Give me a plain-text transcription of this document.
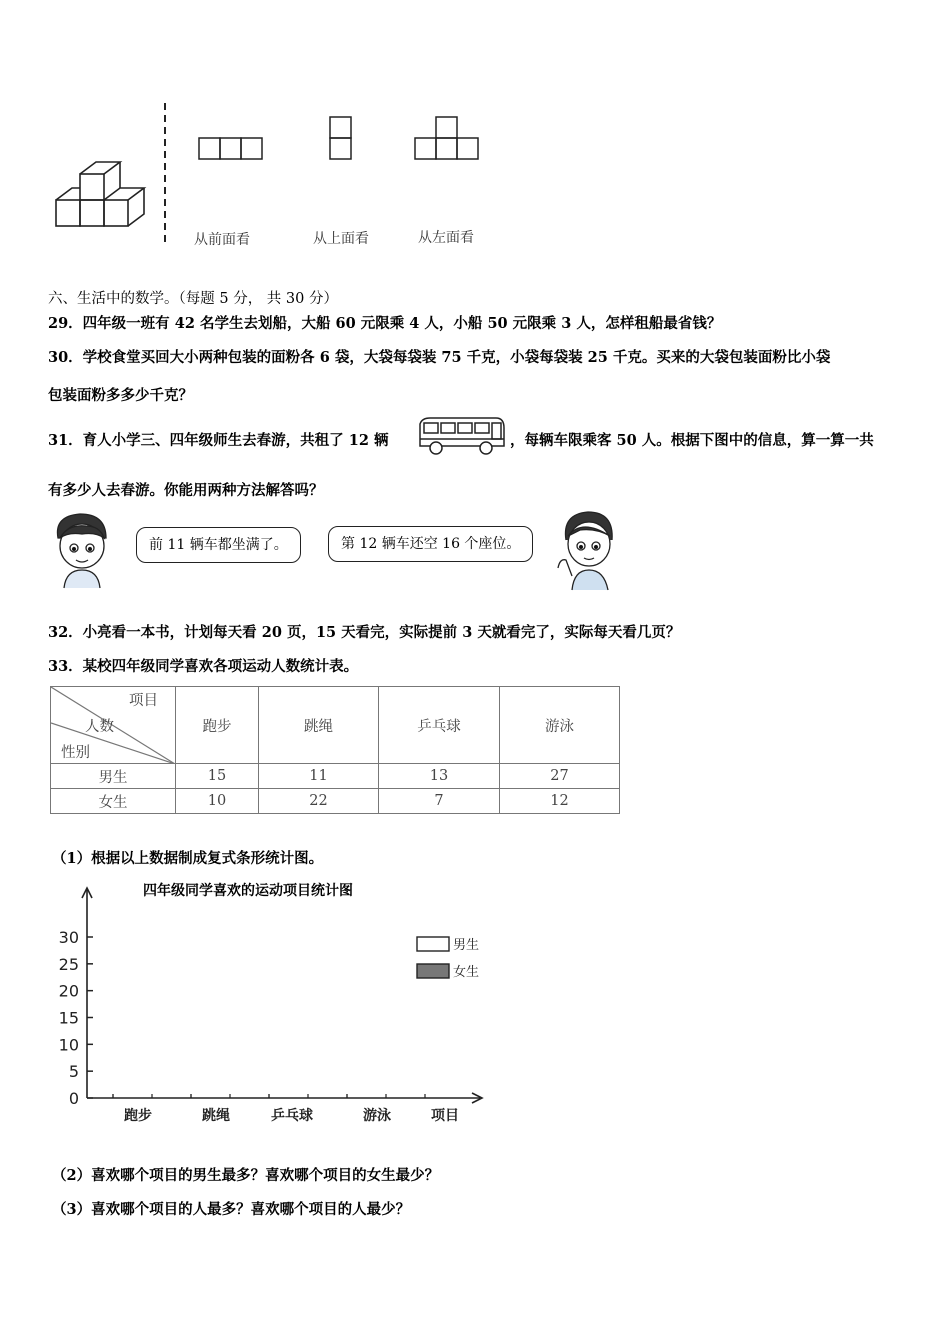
从前面看	从上面看	从左面看
六、生活中的数学。（每题 5 分， 共 30 分）
29．四年级一班有 42 名学生去划船，大船 60 元限乘 4 人，小船 50 元限乘 3 人，怎样租船最省钱？
30．学校食堂买回大小两种包装的面粉各 6 袋，大袋每袋装 75 千克，小袋每袋装 25 千克。买来的大袋包装面粉比小袋
包装面粉多多少千克？
31．育人小学三、四年级师生去春游，共租了 12 辆	，每辆车限乘客 50 人。根据下图中的信息，算一算一共
有多少人去春游。你能用两种方法解答吗？
前 11 辆车都坐满了。	第 12 辆车还空 16 个座位。
32．小亮看一本书，计划每天看 20 页，15 天看完，实际提前 3 天就看完了，实际每天看几页？
33．某校四年级同学喜欢各项运动人数统计表。
项目
人数
性别	跑步	跳绳	乒乓球	游泳
男生	15	11	13	27
女生	10	22	7	12
（1）根据以上数据制成复式条形统计图。
四年级同学喜欢的运动项目统计图
0
5
10
15
20
25
30
跑步	跳绳	乒乓球	游泳	项目
男生
女生
（2）喜欢哪个项目的男生最多？喜欢哪个项目的女生最少？
（3）喜欢哪个项目的人最多？喜欢哪个项目的人最少？
